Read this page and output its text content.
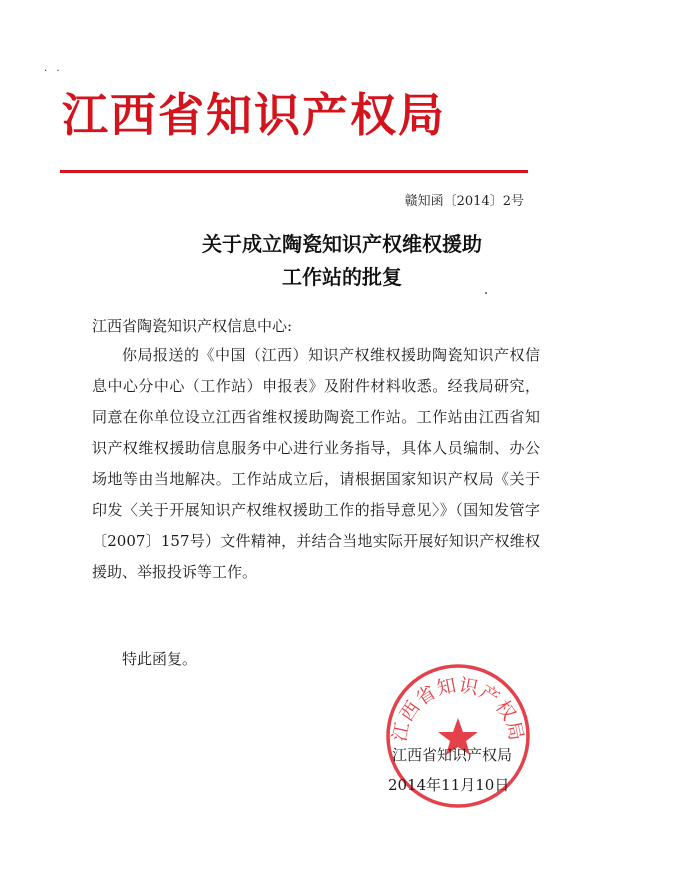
· ·
江西省知识产权局
赣知函〔2014〕2号
关于成立陶瓷知识产权维权援助
工作站的批复
江西省陶瓷知识产权信息中心:

你局报送的《中国（江西）知识产权维权援助陶瓷知识产权信息中心分中心（工作站）申报表》及附件材料收悉。经我局研究，同意在你单位设立江西省维权援助陶瓷工作站。工作站由江西省知识产权维权援助信息服务中心进行业务指导，具体人员编制、办公场地等由当地解决。工作站成立后，请根据国家知识产权局《关于印发〈关于开展知识产权维权援助工作的指导意见〉》（国知发管字〔2007〕157号）文件精神，并结合当地实际开展好知识产权维权援助、举报投诉等工作。

特此函复。
江西省知识产权局
江西省知识产权局
2014年11月10日
